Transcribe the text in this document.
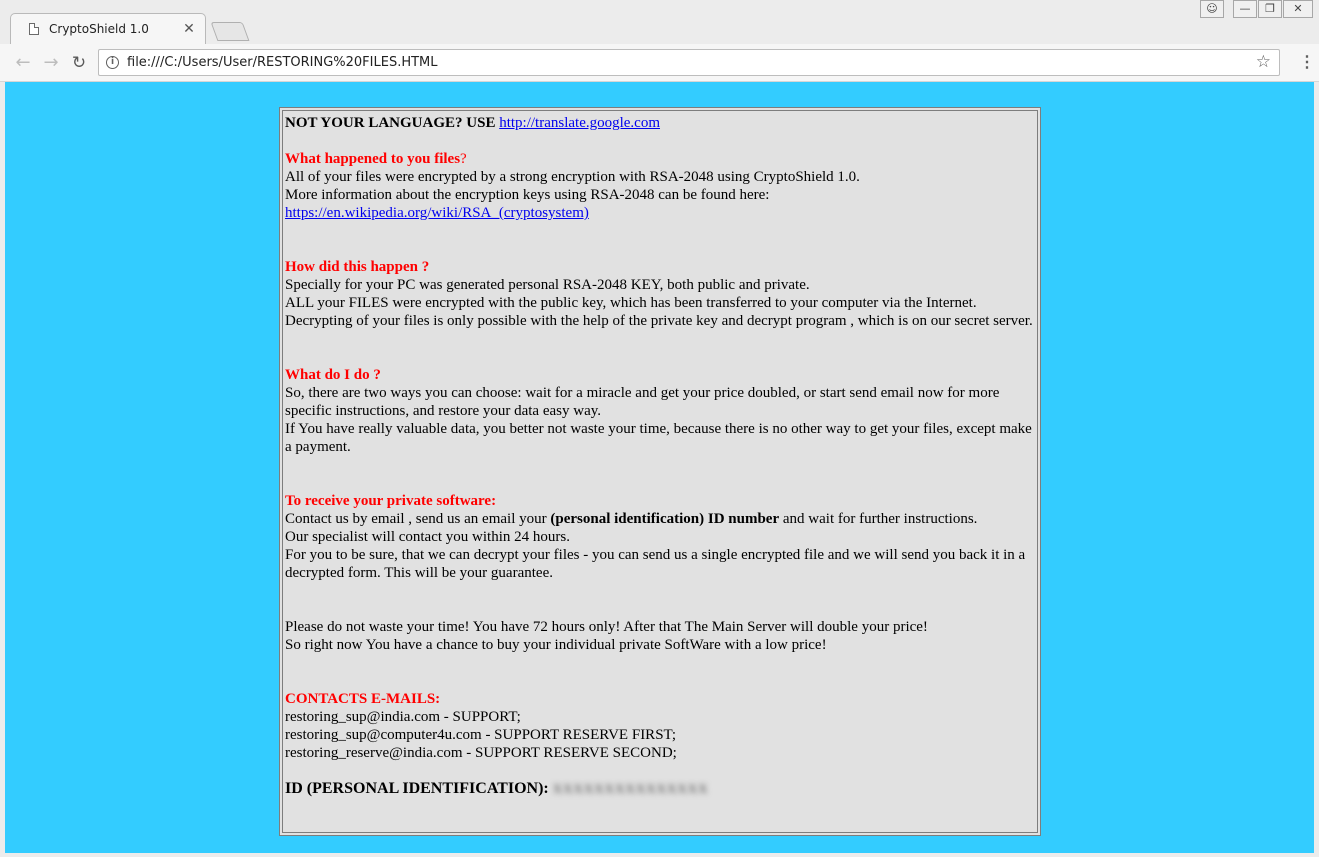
CryptoShield 1.0 ✕
☺	—	❐	✕
← → ↻	i file:///C:/Users/User/RESTORING%20FILES.HTML	☆ ⋮

NOT YOUR LANGUAGE? USE http://translate.google.com

What happened to you files?

All of your files were encrypted by a strong encryption with RSA-2048 using CryptoShield 1.0.

More information about the encryption keys using RSA-2048 can be found here:

https://en.wikipedia.org/wiki/RSA_(cryptosystem)

How did this happen ?

Specially for your PC was generated personal RSA-2048 KEY, both public and private.

ALL your FILES were encrypted with the public key, which has been transferred to your computer via the Internet.

Decrypting of your files is only possible with the help of the private key and decrypt program , which is on our secret server.

What do I do ?

So, there are two ways you can choose: wait for a miracle and get your price doubled, or start send email now for more specific instructions, and restore your data easy way.

If You have really valuable data, you better not waste your time, because there is no other way to get your files, except make a payment.

To receive your private software:

Contact us by email , send us an email your (personal identification) ID number and wait for further instructions.

Our specialist will contact you within 24 hours.

For you to be sure, that we can decrypt your files - you can send us a single encrypted file and we will send you back it in a decrypted form. This will be your guarantee.

Please do not waste your time! You have 72 hours only! After that The Main Server will double your price!

So right now You have a chance to buy your individual private SoftWare with a low price!

CONTACTS E-MAILS:

restoring_sup@india.com - SUPPORT;

restoring_sup@computer4u.com - SUPPORT RESERVE FIRST;

restoring_reserve@india.com - SUPPORT RESERVE SECOND;

ID (PERSONAL IDENTIFICATION): XXXXXXXXXXXXXXX
